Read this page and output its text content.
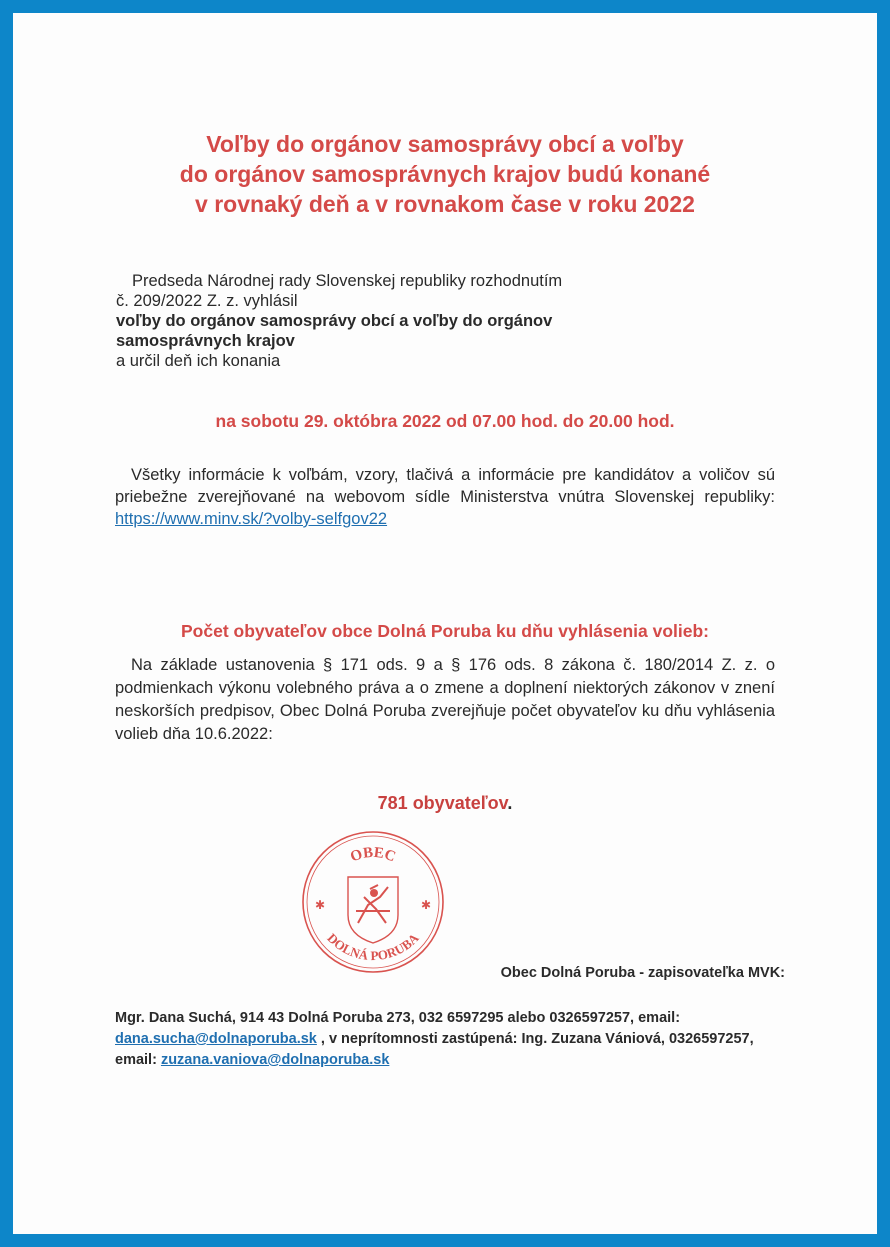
Voľby do orgánov samosprávy obcí a voľby
do orgánov samosprávnych krajov budú konané
v rovnaký deň a v rovnakom čase v roku 2022
Predseda Národnej rady Slovenskej republiky rozhodnutím
č. 209/2022 Z. z. vyhlásil
voľby do orgánov samosprávy obcí a voľby do orgánov samosprávnych krajov
a určil deň ich konania
na sobotu 29. októbra 2022 od 07.00 hod. do 20.00 hod.
Všetky informácie k voľbám, vzory, tlačivá a informácie pre kandidátov a voličov sú priebežne zverejňované na webovom sídle Ministerstva vnútra Slovenskej republiky: https://www.minv.sk/?volby-selfgov22
Počet obyvateľov obce Dolná Poruba ku dňu vyhlásenia volieb:
Na základe ustanovenia § 171 ods. 9 a § 176 ods. 8 zákona č. 180/2014 Z. z. o podmienkach výkonu volebného práva a o zmene a doplnení niektorých zákonov v znení neskorších predpisov, Obec Dolná Poruba zverejňuje počet obyvateľov ku dňu vyhlásenia volieb dňa 10.6.2022:
781 obyvateľov.
OBEC
DOLNÁ PORUBA
✱	✱
Obec Dolná Poruba - zapisovateľka MVK:
Mgr. Dana Suchá, 914 43 Dolná Poruba 273, 032 6597295 alebo 0326597257, email: dana.sucha@dolnaporuba.sk , v neprítomnosti zastúpená: Ing. Zuzana Vániová, 0326597257, email: zuzana.vaniova@dolnaporuba.sk
